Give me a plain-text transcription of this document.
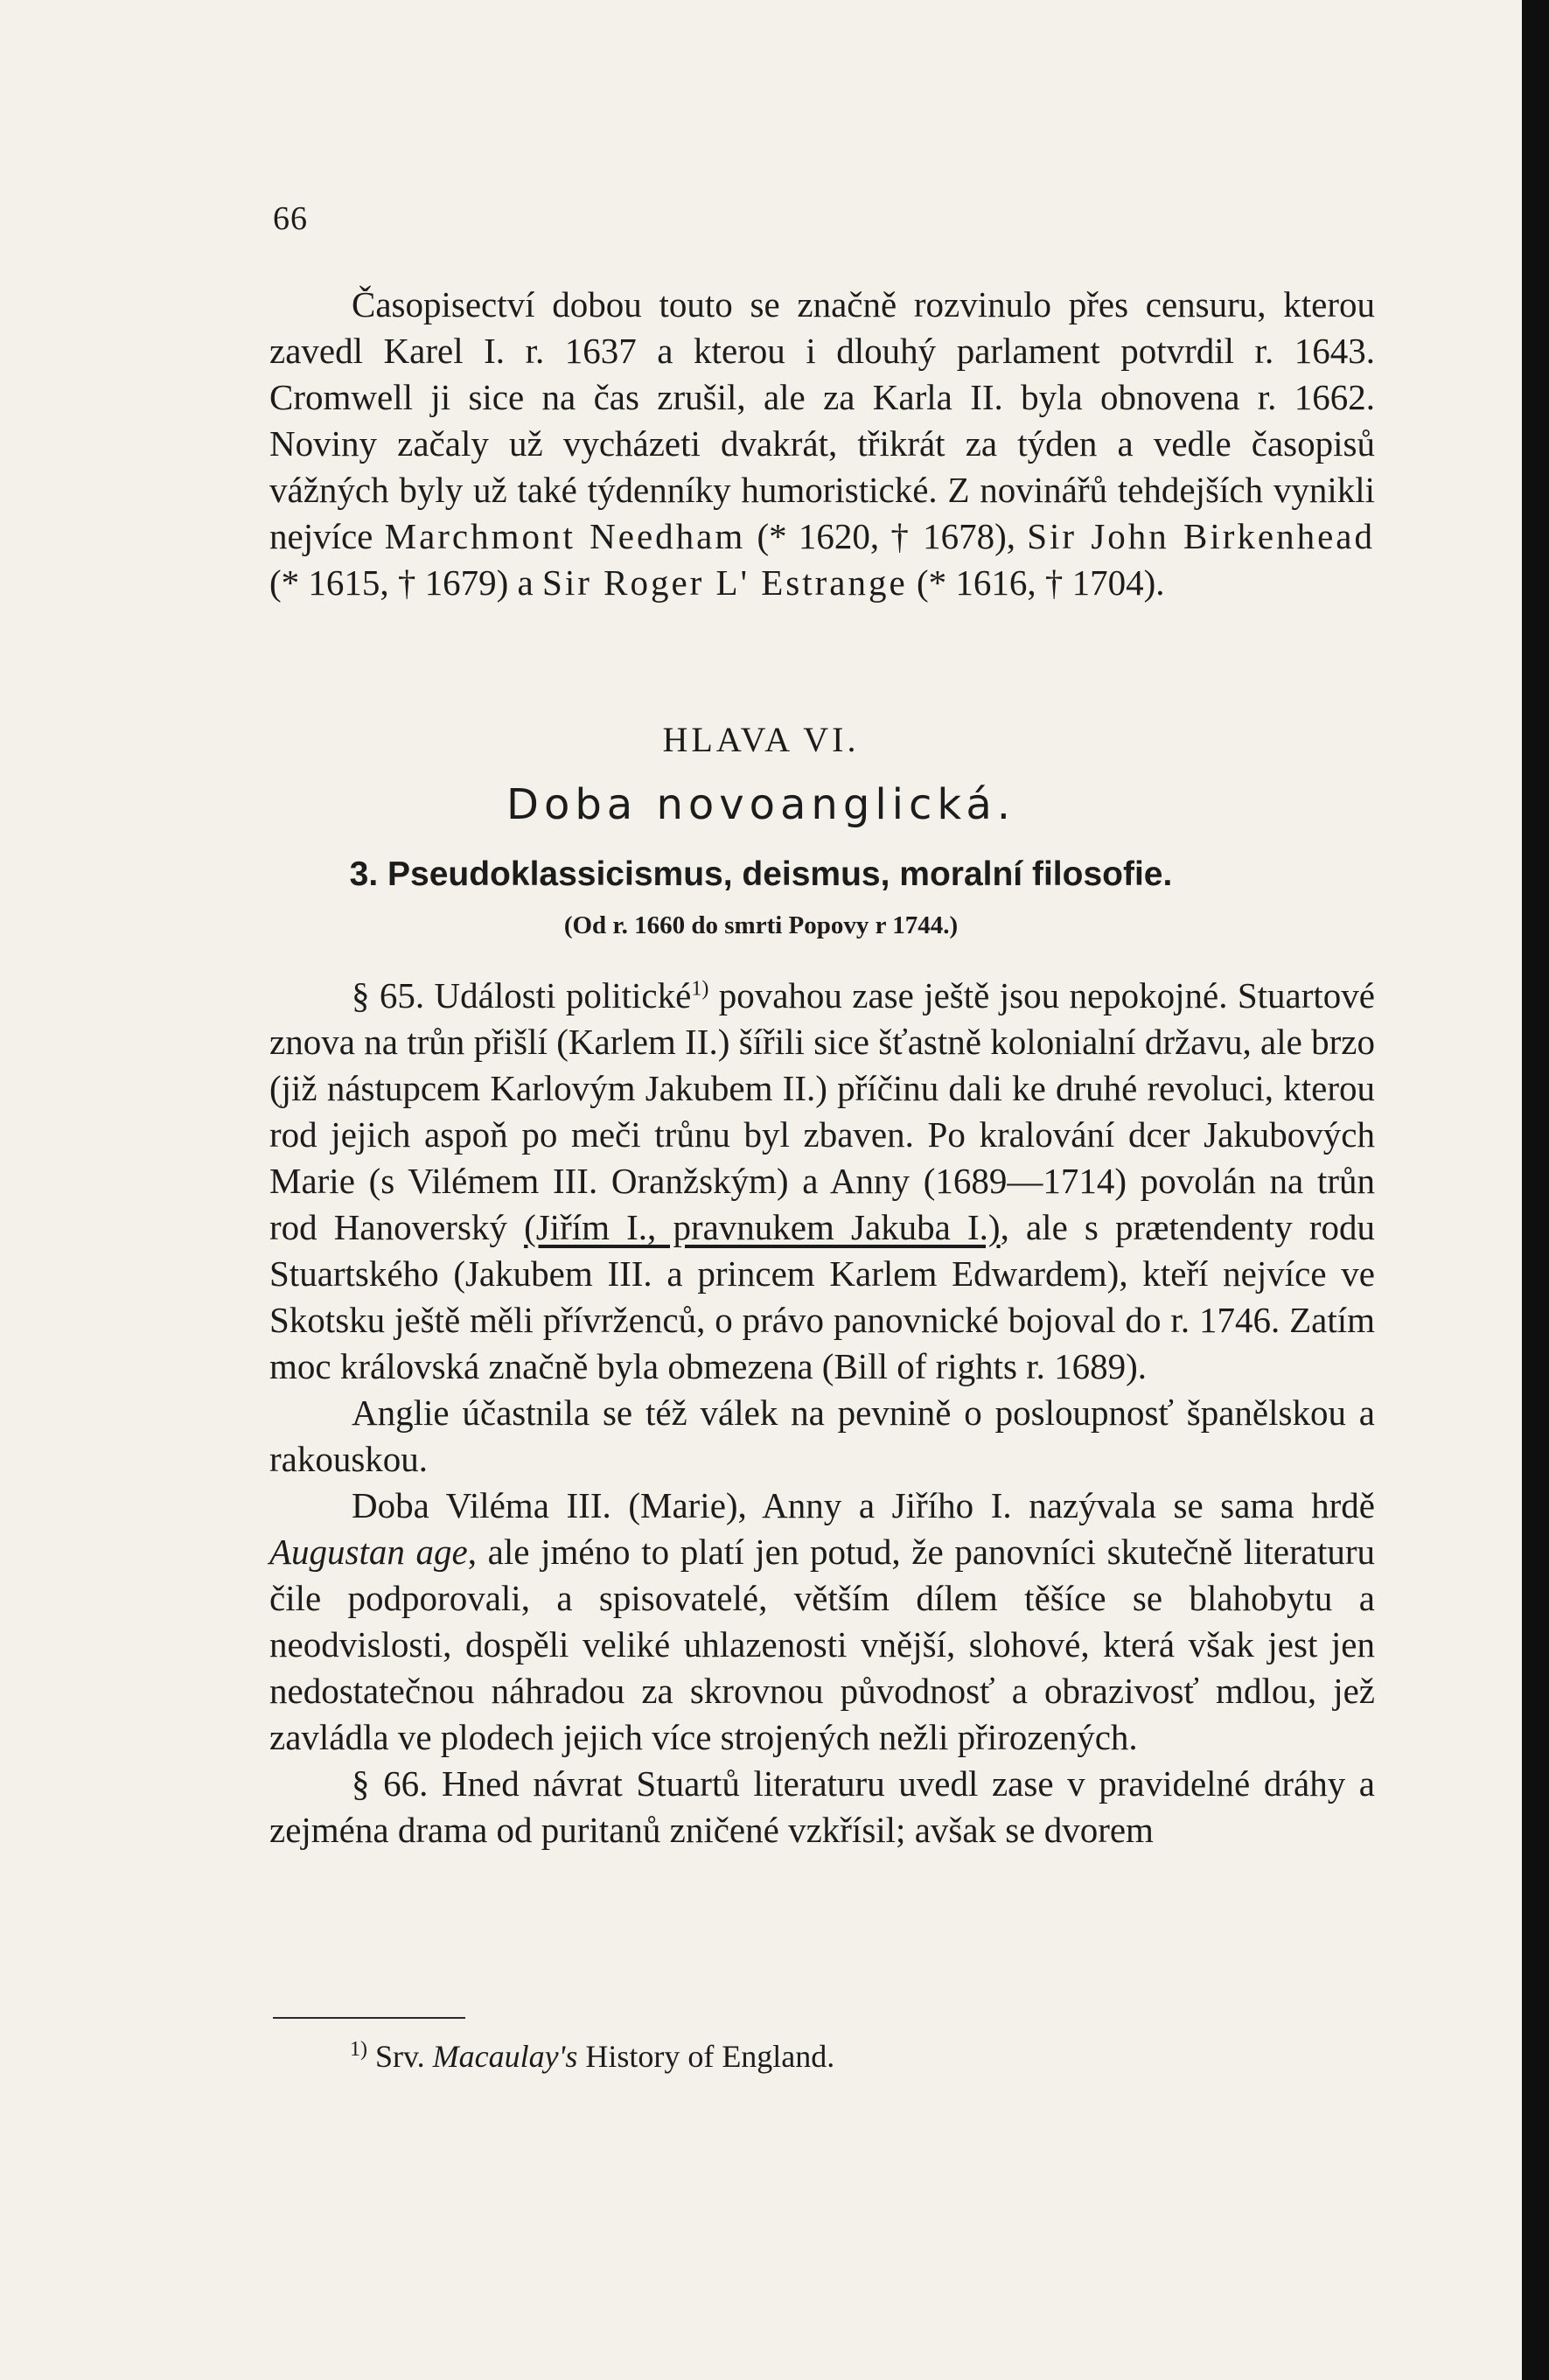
66

Časopisectví dobou touto se značně rozvinulo přes censuru, kterou zavedl Karel I. r. 1637 a kterou i dlouhý parlament potvrdil r. 1643. Cromwell ji sice na čas zrušil, ale za Karla II. byla obnovena r. 1662. Noviny začaly už vycházeti dvakrát, třikrát za týden a vedle časopisů vážných byly už také týdenníky humoristické. Z novinářů tehdejších vynikli nejvíce Marchmont Needham (* 1620, † 1678), Sir John Birkenhead (* 1615, † 1679) a Sir Roger L' Estrange (* 1616, † 1704).

HLAVA VI.
Doba novoanglická.
3. Pseudoklassicismus, deismus, moralní filosofie.
(Od r. 1660 do smrti Popovy r 1744.)

§ 65. Události politické$^{1)}$ povahou zase ještě jsou nepokojné. Stuartové znova na trůn přišlí (Karlem II.) šířili sice šťastně kolonialní državu, ale brzo (již nástupcem Karlovým Jakubem II.) příčinu dali ke druhé revoluci, kterou rod jejich aspoň po meči trůnu byl zbaven. Po kralování dcer Jakubových Marie (s Vilémem III. Oranžským) a Anny (1689—1714) povolán na trůn rod Hanoverský (Jiřím I., pravnukem Jakuba I.), ale s prætendenty rodu Stuartského (Jakubem III. a princem Karlem Edwardem), kteří nejvíce ve Skotsku ještě měli přívrženců, o právo panovnické bojoval do r. 1746. Zatím moc královská značně byla obmezena (Bill of rights r. 1689).

Anglie účastnila se též válek na pevnině o posloupnosť španělskou a rakouskou.

Doba Viléma III. (Marie), Anny a Jiřího I. nazývala se sama hrdě Augustan age, ale jméno to platí jen potud, že panovníci skutečně literaturu čile podporovali, a spisovatelé, větším dílem těšíce se blahobytu a neodvislosti, dospěli veliké uhlazenosti vnější, slohové, která však jest jen nedostatečnou náhradou za skrovnou původnosť a obrazivosť mdlou, jež zavládla ve plodech jejich více strojených nežli přirozených.

§ 66. Hned návrat Stuartů literaturu uvedl zase v pravidelné dráhy a zejména drama od puritanů zničené vzkřísil; avšak se dvorem

$^{1)}$ Srv. Macaulay's History of England.
